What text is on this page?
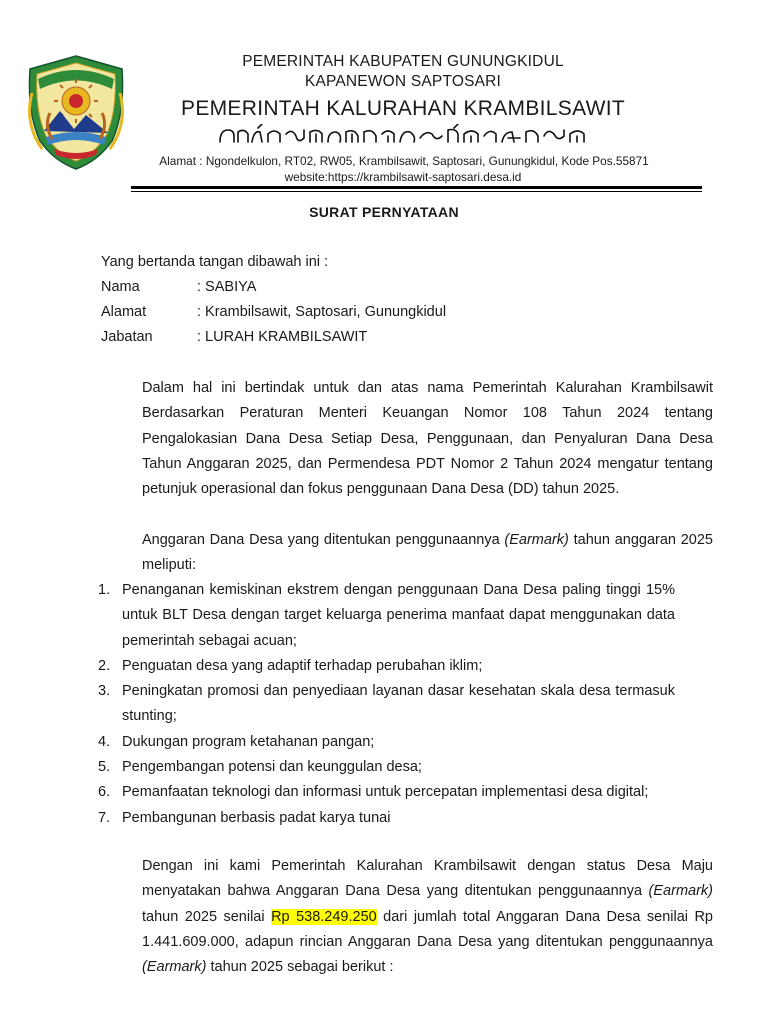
PEMERINTAH KABUPATEN GUNUNGKIDUL
KAPANEWON SAPTOSARI
PEMERINTAH KALURAHAN KRAMBILSAWIT
Alamat : Ngondelkulon, RT02, RW05, Krambilsawit, Saptosari, Gunungkidul, Kode Pos.55871
website:https://krambilsawit-saptosari.desa.id
SURAT PERNYATAAN
Yang bertanda tangan dibawah ini :
Nama	: SABIYA
Alamat	: Krambilsawit, Saptosari, Gunungkidul
Jabatan	: LURAH KRAMBILSAWIT
Dalam hal ini bertindak untuk dan atas nama Pemerintah Kalurahan Krambilsawit Berdasarkan Peraturan Menteri Keuangan Nomor 108 Tahun 2024 tentang Pengalokasian Dana Desa Setiap Desa, Penggunaan, dan Penyaluran Dana Desa Tahun Anggaran 2025, dan Permendesa PDT Nomor 2 Tahun 2024 mengatur tentang petunjuk operasional dan fokus penggunaan Dana Desa (DD) tahun 2025.
Anggaran Dana Desa yang ditentukan penggunaannya (Earmark) tahun anggaran 2025 meliputi:
1. Penanganan kemiskinan ekstrem dengan penggunaan Dana Desa paling tinggi 15% untuk BLT Desa dengan target keluarga penerima manfaat dapat menggunakan data pemerintah sebagai acuan;
2. Penguatan desa yang adaptif terhadap perubahan iklim;
3. Peningkatan promosi dan penyediaan layanan dasar kesehatan skala desa termasuk stunting;
4. Dukungan program ketahanan pangan;
5. Pengembangan potensi dan keunggulan desa;
6. Pemanfaatan teknologi dan informasi untuk percepatan implementasi desa digital;
7. Pembangunan berbasis padat karya tunai
Dengan ini kami Pemerintah Kalurahan Krambilsawit dengan status Desa Maju menyatakan bahwa Anggaran Dana Desa yang ditentukan penggunaannya (Earmark) tahun 2025 senilai Rp 538.249.250 dari jumlah total Anggaran Dana Desa senilai Rp 1.441.609.000, adapun rincian Anggaran Dana Desa yang ditentukan penggunaannya (Earmark) tahun 2025 sebagai berikut :
